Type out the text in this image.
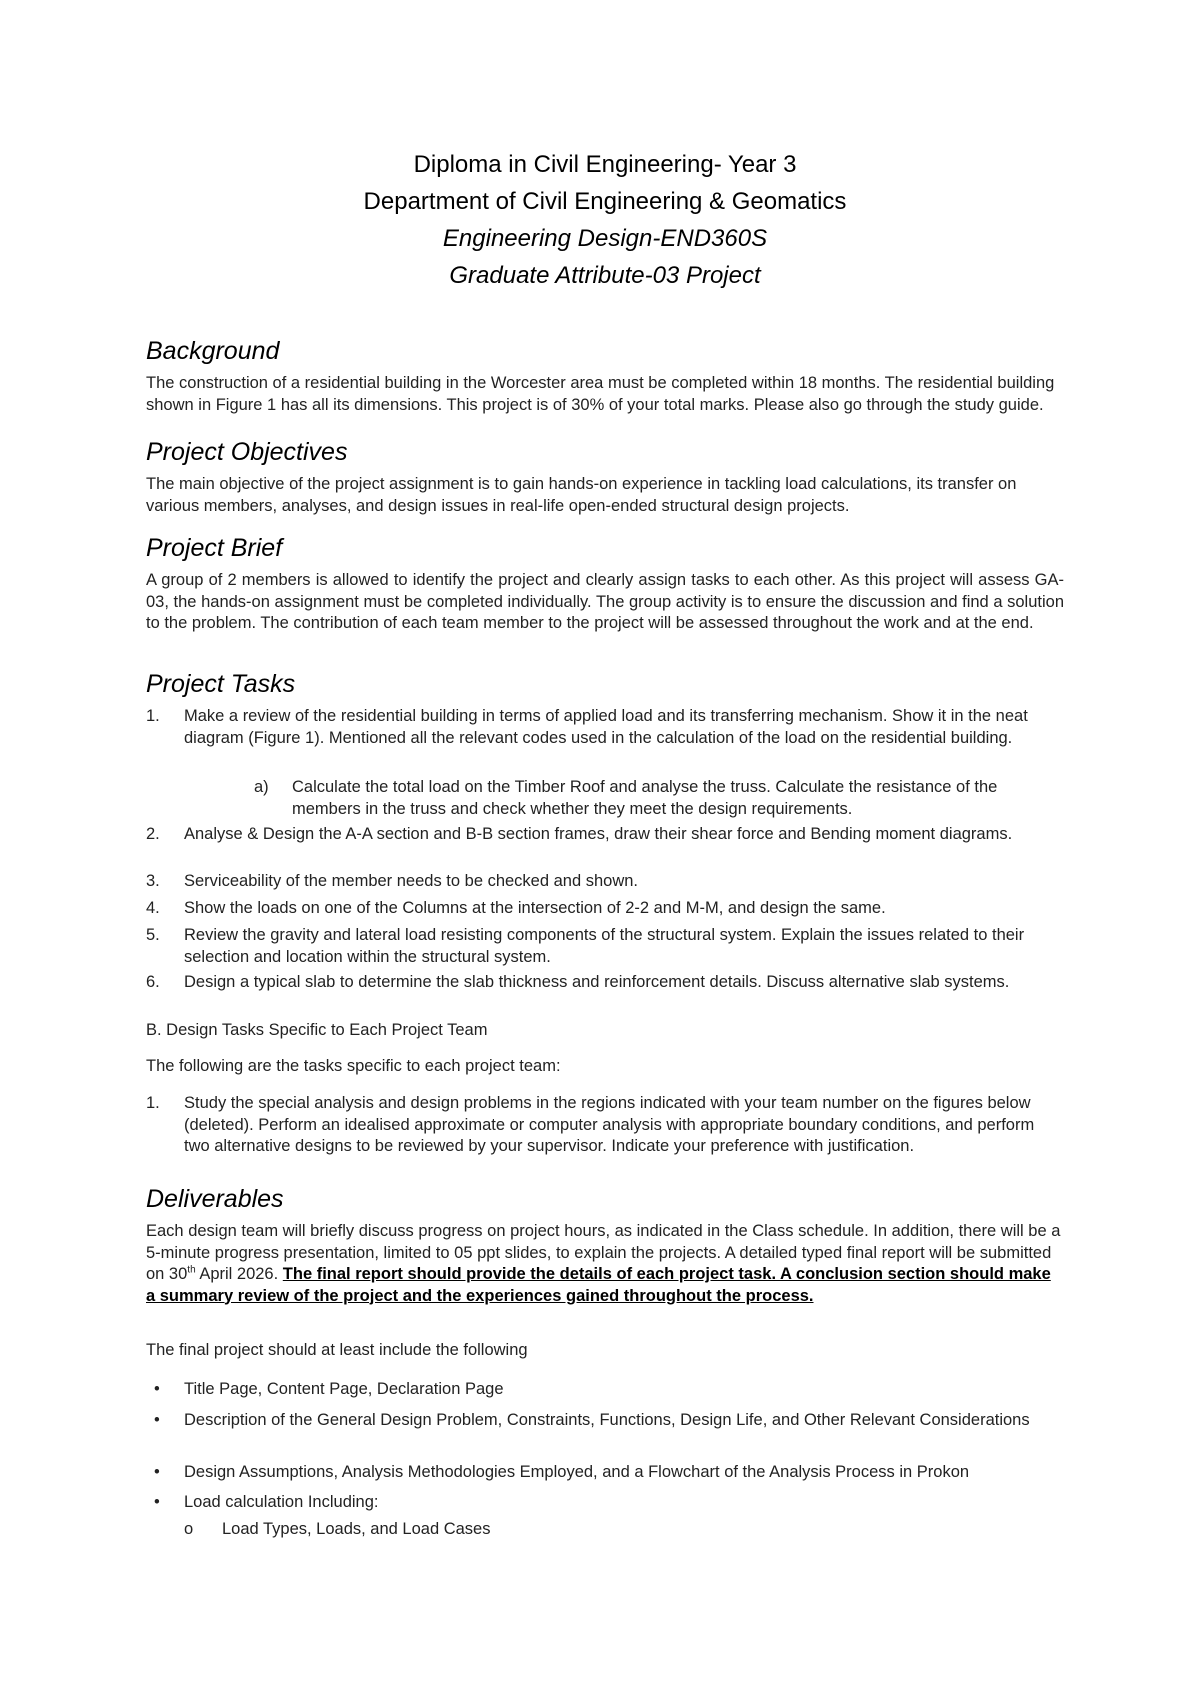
Diploma in Civil Engineering- Year 3
Department of Civil Engineering & Geomatics
Engineering Design-END360S
Graduate Attribute-03 Project
Background

The construction of a residential building in the Worcester area must be completed within 18 months. The residential building shown in Figure 1 has all its dimensions. This project is of 30% of your total marks. Please also go through the study guide.

Project Objectives

The main objective of the project assignment is to gain hands-on experience in tackling load calculations, its transfer on various members, analyses, and design issues in real-life open-ended structural design projects.

Project Brief

A group of 2 members is allowed to identify the project and clearly assign tasks to each other. As this project will assess GA-03, the hands-on assignment must be completed individually. The group activity is to ensure the discussion and find a solution to the problem. The contribution of each team member to the project will be assessed throughout the work and at the end.

Project Tasks
1.	Make a review of the residential building in terms of applied load and its transferring mechanism. Show it in the neat diagram (Figure 1). Mentioned all the relevant codes used in the calculation of the load on the residential building.
a) Calculate the total load on the Timber Roof and analyse the truss. Calculate the resistance of the members in the truss and check whether they meet the design requirements.
2.	Analyse & Design the A-A section and B-B section frames, draw their shear force and Bending moment diagrams.
3.	Serviceability of the member needs to be checked and shown.
4.	Show the loads on one of the Columns at the intersection of 2-2 and M-M, and design the same.
5.	Review the gravity and lateral load resisting components of the structural system. Explain the issues related to their selection and location within the structural system.
6.	Design a typical slab to determine the slab thickness and reinforcement details. Discuss alternative slab systems.

B. Design Tasks Specific to Each Project Team

The following are the tasks specific to each project team:

1.	Study the special analysis and design problems in the regions indicated with your team number on the figures below (deleted). Perform an idealised approximate or computer analysis with appropriate boundary conditions, and perform two alternative designs to be reviewed by your supervisor. Indicate your preference with justification.
Deliverables

Each design team will briefly discuss progress on project hours, as indicated in the Class schedule. In addition, there will be a 5-minute progress presentation, limited to 05 ppt slides, to explain the projects. A detailed typed final report will be submitted on 30th April 2026. The final report should provide the details of each project task. A conclusion section should make a summary review of the project and the experiences gained throughout the process.

The final project should at least include the following

• Title Page, Content Page, Declaration Page
• Description of the General Design Problem, Constraints, Functions, Design Life, and Other Relevant Considerations
• Design Assumptions, Analysis Methodologies Employed, and a Flowchart of the Analysis Process in Prokon
• Load calculation Including:
o Load Types, Loads, and Load Cases
